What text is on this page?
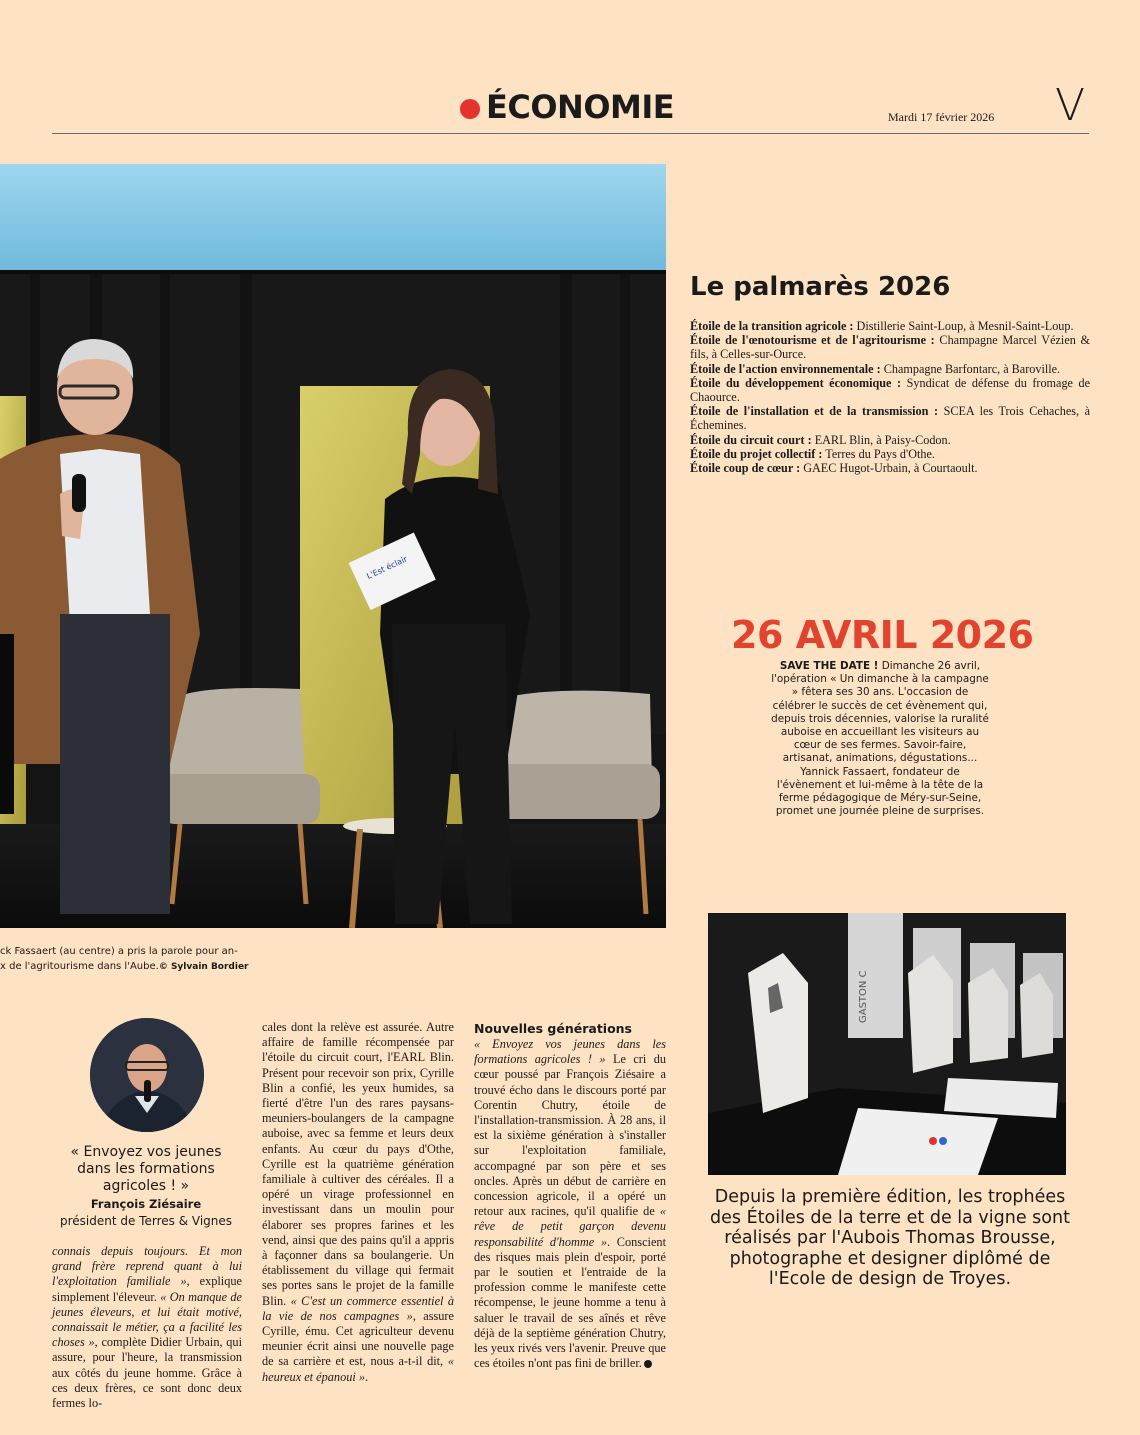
ÉCONOMIE	Mardi 17 février 2026 V
L'Est éclair
ck Fassaert (au centre) a pris la parole pour an-
x de l'agritourisme dans l'Aube.© Sylvain Bordier
Le palmarès 2026

Étoile de la transition agricole : Distillerie Saint-Loup, à Mesnil-Saint-Loup.

Étoile de l'œnotourisme et de l'agritourisme : Champagne Marcel Vézien & fils, à Celles-sur-Ource.

Étoile de l'action environnementale : Champagne Barfontarc, à Baroville.

Étoile du développement économique : Syndicat de défense du fromage de Chaource.

Étoile de l'installation et de la transmission : SCEA les Trois Cehaches, à Échemines.

Étoile du circuit court : EARL Blin, à Paisy-Codon.

Étoile du projet collectif : Terres du Pays d'Othe.

Étoile coup de cœur : GAEC Hugot-Urbain, à Courtaoult.

26 AVRIL 2026
SAVE THE DATE ! Dimanche 26 avril, l'opération « Un dimanche à la campagne » fêtera ses 30 ans. L'occasion de célébrer le succès de cet évènement qui, depuis trois décennies, valorise la ruralité auboise en accueillant les visiteurs au cœur de ses fermes. Savoir-faire, artisanat, animations, dégustations... Yannick Fassaert, fondateur de l'évènement et lui-même à la tête de la ferme pédagogique de Méry-sur-Seine, promet une journée pleine de surprises.
GASTON C
Depuis la première édition, les trophées des Étoiles de la terre et de la vigne sont réalisés par l'Aubois Thomas Brousse, photographe et designer diplômé de l'Ecole de design de Troyes.
« Envoyez vos jeunes dans les formations agricoles ! »
François Ziésaire
président de Terres & Vignes
connais depuis toujours. Et mon grand frère reprend quant à lui l'exploitation familiale », explique simplement l'éleveur. « On manque de jeunes éleveurs, et lui était motivé, connaissait le métier, ça a facilité les choses », complète Didier Urbain, qui assure, pour l'heure, la transmission aux côtés du jeune homme. Grâce à ces deux frères, ce sont donc deux fermes lo-
cales dont la relève est assurée. Autre affaire de famille récompensée par l'étoile du circuit court, l'EARL Blin. Présent pour recevoir son prix, Cyrille Blin a confié, les yeux humides, sa fierté d'être l'un des rares paysans-meuniers-boulangers de la campagne auboise, avec sa femme et leurs deux enfants. Au cœur du pays d'Othe, Cyrille est la quatrième génération familiale à cultiver des céréales. Il a opéré un virage professionnel en investissant dans un moulin pour élaborer ses propres farines et les vend, ainsi que des pains qu'il a appris à façonner dans sa boulangerie. Un établissement du village qui fermait ses portes sans le projet de la famille Blin. « C'est un commerce essentiel à la vie de nos campagnes », assure Cyrille, ému. Cet agriculteur devenu meunier écrit ainsi une nouvelle page de sa carrière et est, nous a-t-il dit, « heureux et épanoui ».
Nouvelles générations
« Envoyez vos jeunes dans les formations agricoles ! » Le cri du cœur poussé par François Ziésaire a trouvé écho dans le discours porté par Corentin Chutry, étoile de l'installation-transmission. À 28 ans, il est la sixième génération à s'installer sur l'exploitation familiale, accompagné par son père et ses oncles. Après un début de carrière en concession agricole, il a opéré un retour aux racines, qu'il qualifie de « rêve de petit garçon devenu responsabilité d'homme ». Conscient des risques mais plein d'espoir, porté par le soutien et l'entraide de la profession comme le manifeste cette récompense, le jeune homme a tenu à saluer le travail de ses aînés et rêve déjà de la septième génération Chutry, les yeux rivés vers l'avenir. Preuve que ces étoiles n'ont pas fini de briller.
